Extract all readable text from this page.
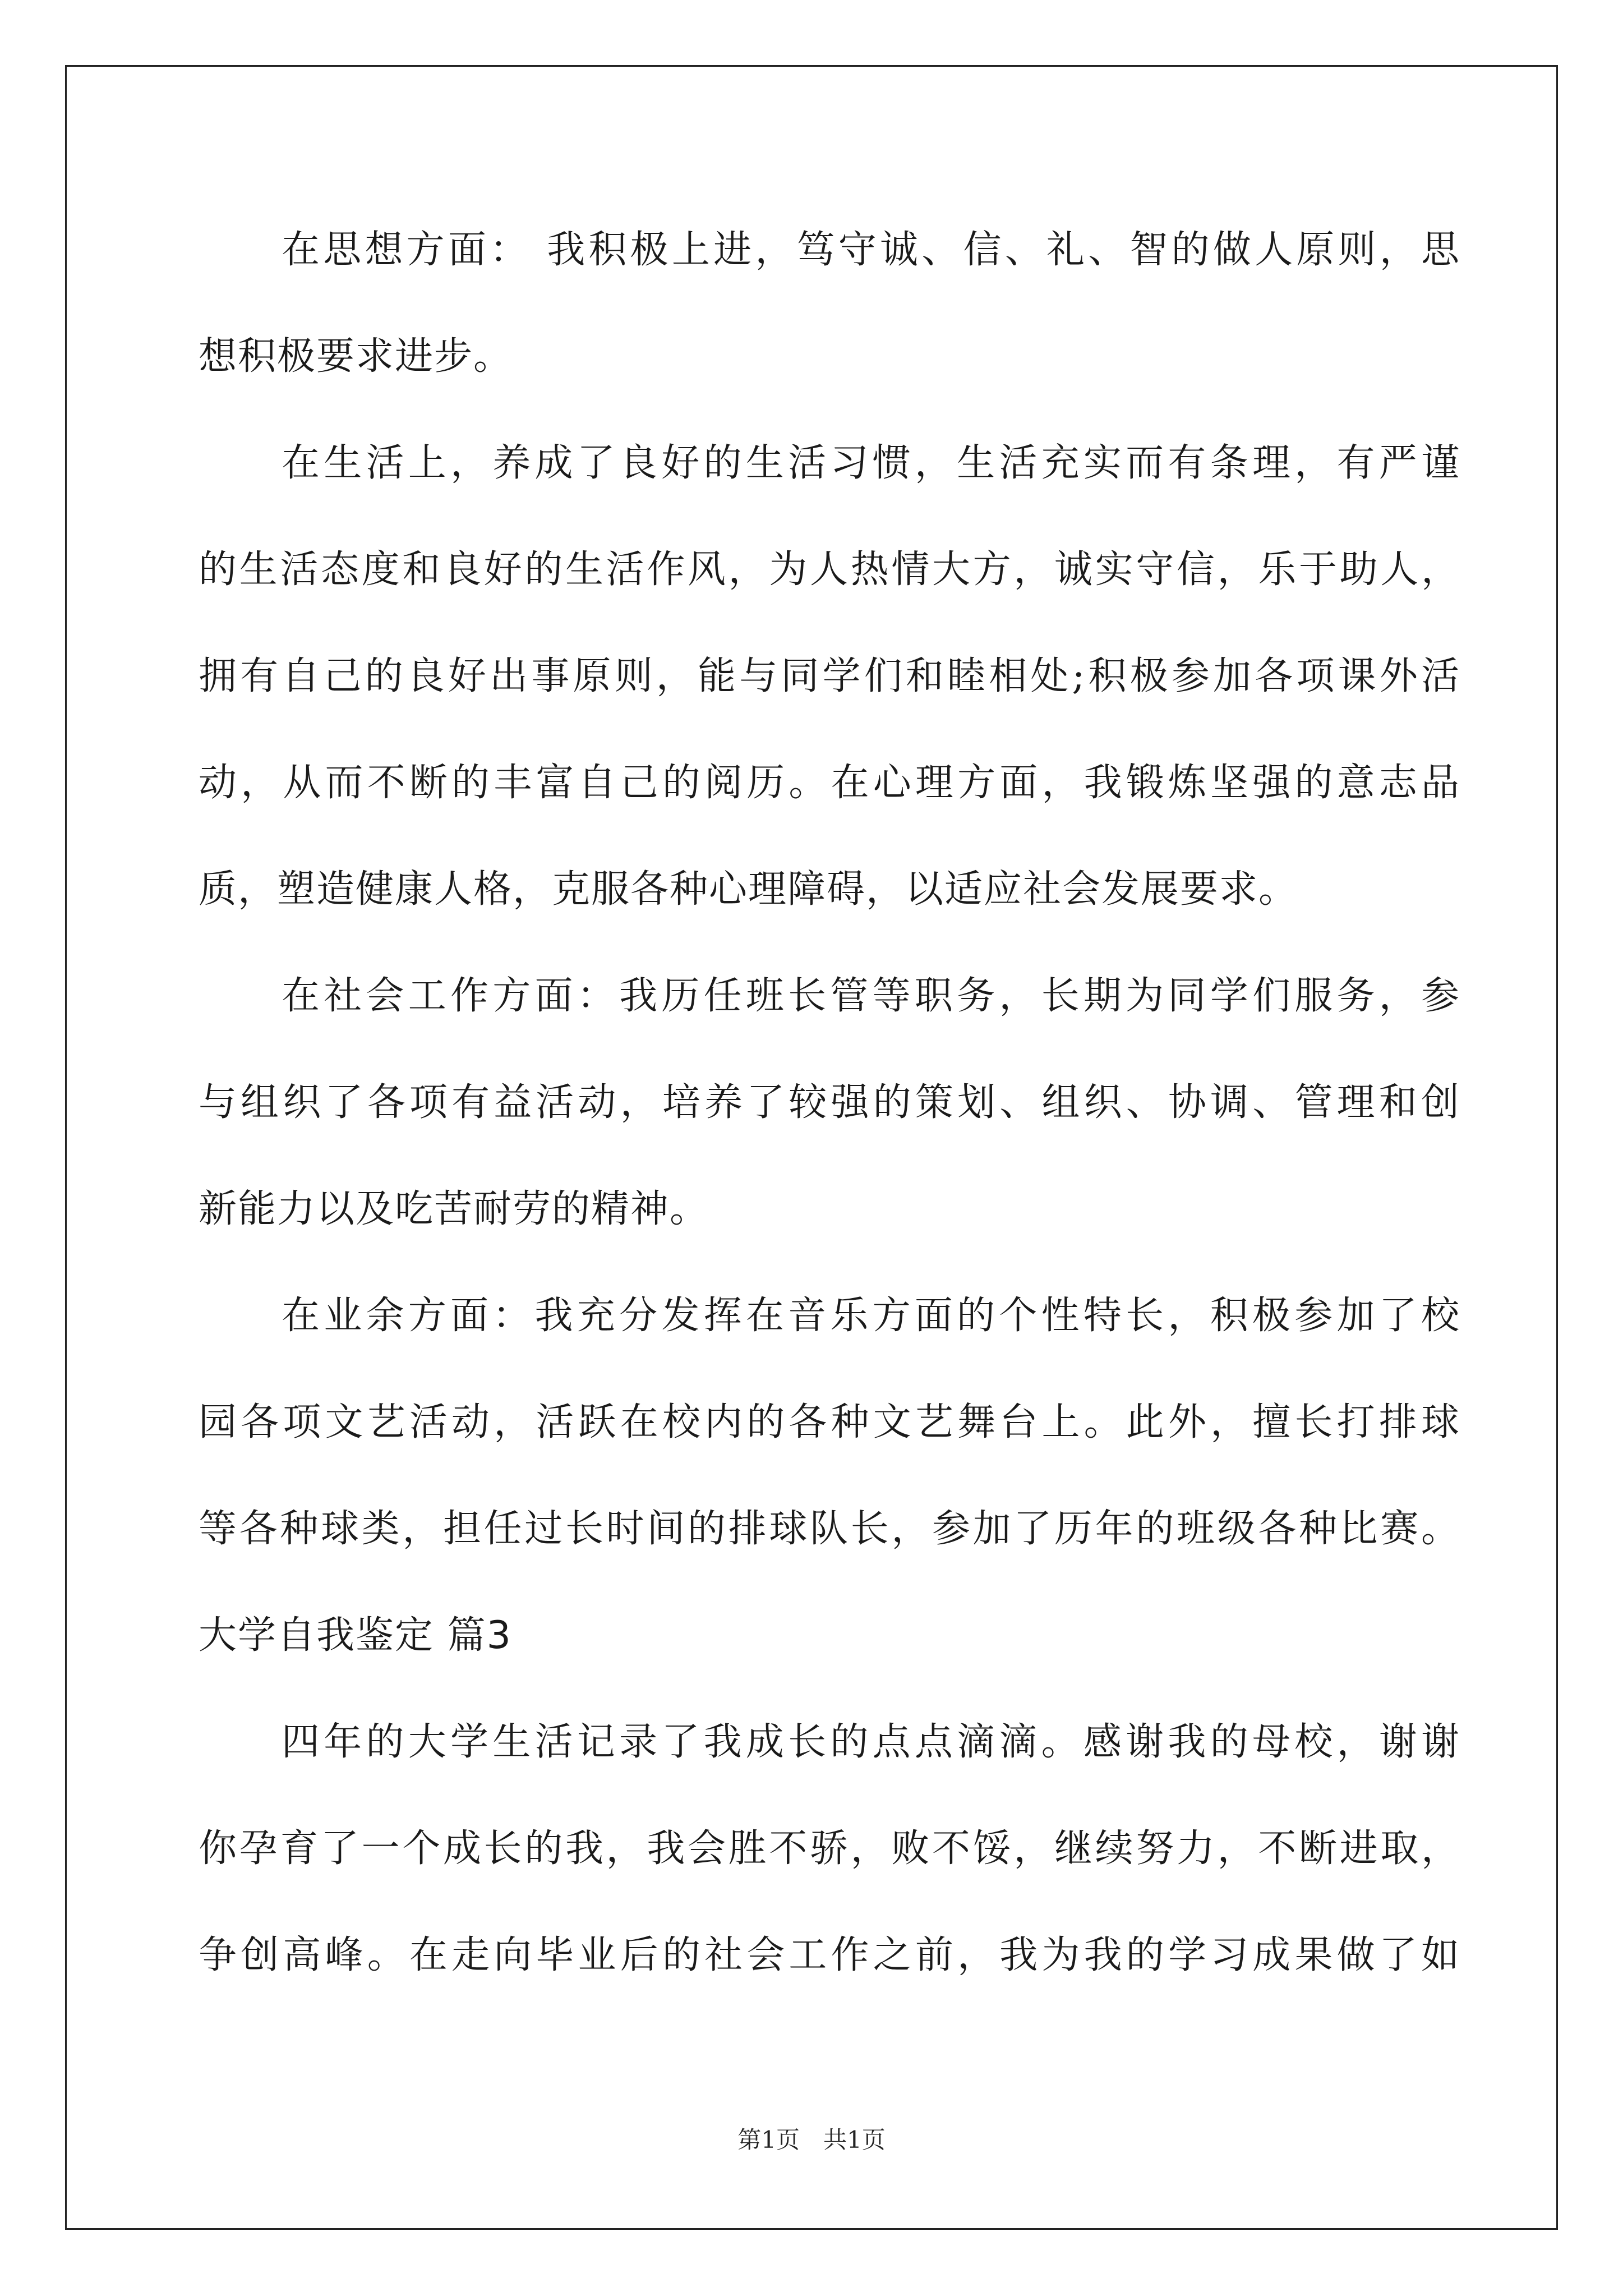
在思想方面： 我积极上进，笃守诚、信、礼、智的做人原则，思
想积极要求进步。
在生活上，养成了良好的生活习惯，生活充实而有条理，有严谨
的生活态度和良好的生活作风，为人热情大方，诚实守信，乐于助人，
拥有自己的良好出事原则，能与同学们和睦相处;积极参加各项课外活
动，从而不断的丰富自己的阅历。在心理方面，我锻炼坚强的意志品
质，塑造健康人格，克服各种心理障碍，以适应社会发展要求。
在社会工作方面：我历任班长管等职务，长期为同学们服务，参
与组织了各项有益活动，培养了较强的策划、组织、协调、管理和创
新能力以及吃苦耐劳的精神。
在业余方面：我充分发挥在音乐方面的个性特长，积极参加了校
园各项文艺活动，活跃在校内的各种文艺舞台上。此外，擅长打排球
等各种球类，担任过长时间的排球队长，参加了历年的班级各种比赛。
大学自我鉴定 篇3
四年的大学生活记录了我成长的点点滴滴。感谢我的母校，谢谢
你孕育了一个成长的我，我会胜不骄，败不馁，继续努力，不断进取，
争创高峰。在走向毕业后的社会工作之前，我为我的学习成果做了如
第1页　共1页
